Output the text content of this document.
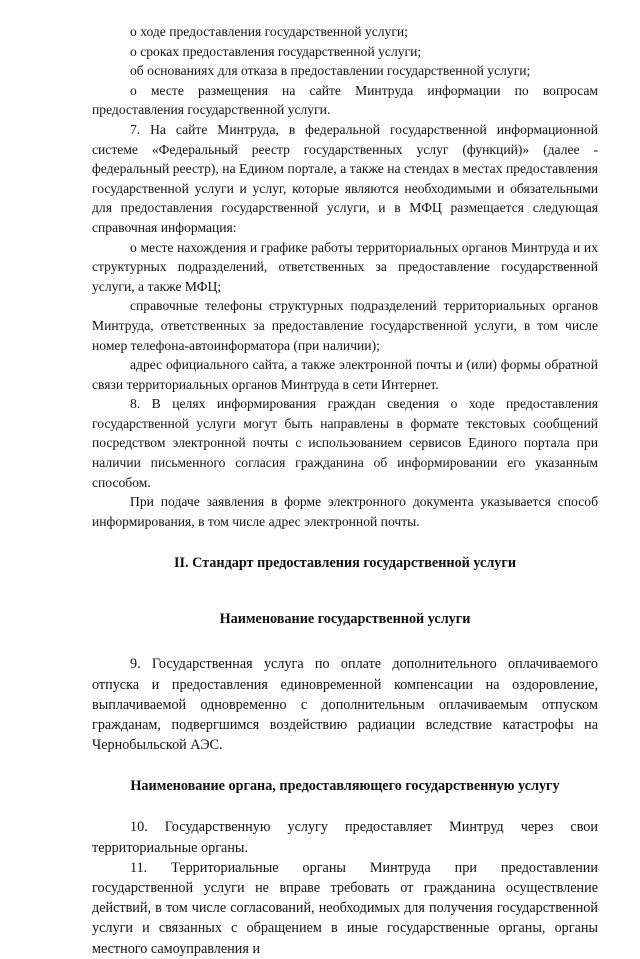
о ходе предоставления государственной услуги;

о сроках предоставления государственной услуги;

об основаниях для отказа в предоставлении государственной услуги;

о месте размещения на сайте Минтруда информации по вопросам предоставления государственной услуги.

7. На сайте Минтруда, в федеральной государственной информационной системе «Федеральный реестр государственных услуг (функций)» (далее - федеральный реестр), на Едином портале, а также на стендах в местах предоставления государственной услуги и услуг, которые являются необходимыми и обязательными для предоставления государственной услуги, и в МФЦ размещается следующая справочная информация:

о месте нахождения и графике работы территориальных органов Минтруда и их структурных подразделений, ответственных за предоставление государственной услуги, а также МФЦ;

справочные телефоны структурных подразделений территориальных органов Минтруда, ответственных за предоставление государственной услуги, в том числе номер телефона-автоинформатора (при наличии);

адрес официального сайта, а также электронной почты и (или) формы обратной связи территориальных органов Минтруда в сети Интернет.

8. В целях информирования граждан сведения о ходе предоставления государственной услуги могут быть направлены в формате текстовых сообщений посредством электронной почты с использованием сервисов Единого портала при наличии письменного согласия гражданина об информировании его указанным способом.

При подаче заявления в форме электронного документа указывается способ информирования, в том числе адрес электронной почты.

II. Стандарт предоставления государственной услуги
Наименование государственной услуги

9. Государственная услуга по оплате дополнительного оплачиваемого отпуска и предоставления единовременной компенсации на оздоровление, выплачиваемой одновременно с дополнительным оплачиваемым отпуском гражданам, подвергшимся воздействию радиации вследствие катастрофы на Чернобыльской АЭС.

Наименование органа, предоставляющего государственную услугу

10. Государственную услугу предоставляет Минтруд через свои территориальные органы.

11. Территориальные органы Минтруда при предоставлении государственной услуги не вправе требовать от гражданина осуществление действий, в том числе согласований, необходимых для получения государственной услуги и связанных с обращением в иные государственные органы, органы местного самоуправления и
